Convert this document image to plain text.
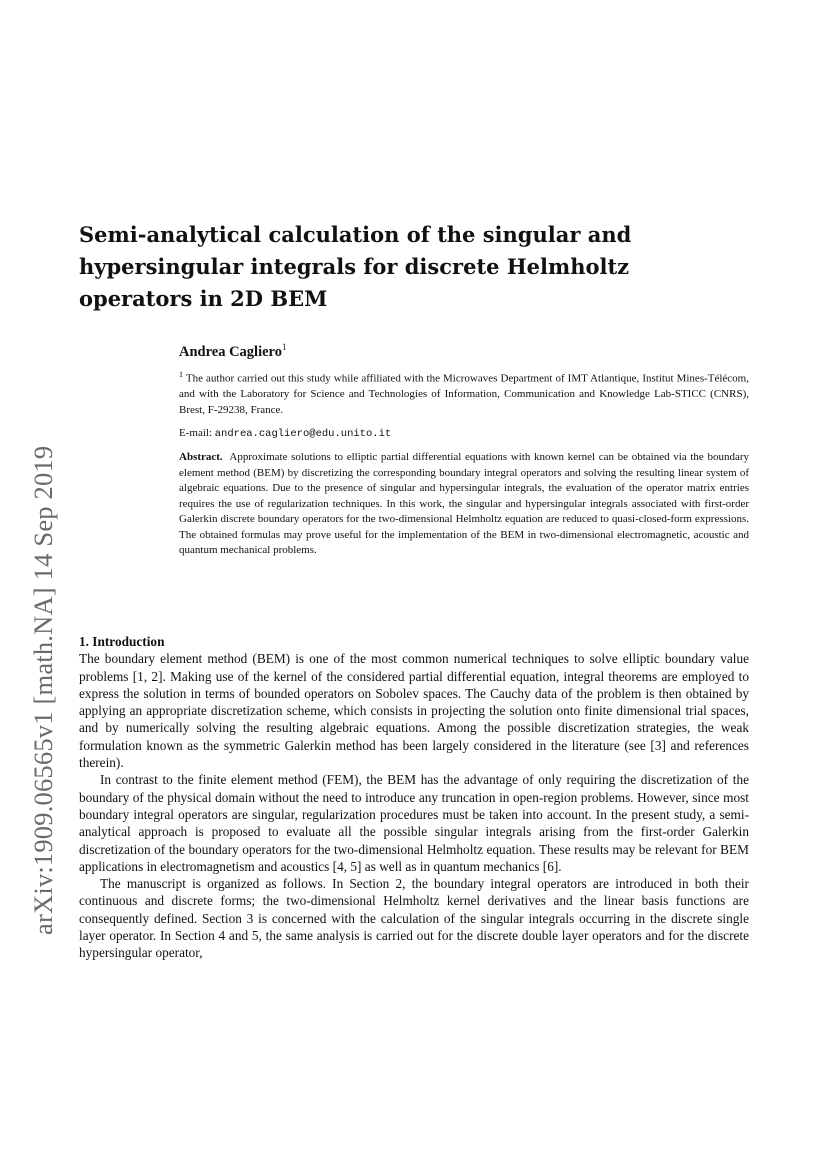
arXiv:1909.06565v1 [math.NA] 14 Sep 2019
Semi-analytical calculation of the singular and hypersingular integrals for discrete Helmholtz operators in 2D BEM
Andrea Cagliero$^1$
$^1$ The author carried out this study while affiliated with the Microwaves Department of IMT Atlantique, Institut Mines-Télécom, and with the Laboratory for Science and Technologies of Information, Communication and Knowledge Lab-STICC (CNRS), Brest, F-29238, France.
E-mail: andrea.cagliero@edu.unito.it
Abstract. Approximate solutions to elliptic partial differential equations with known kernel can be obtained via the boundary element method (BEM) by discretizing the corresponding boundary integral operators and solving the resulting linear system of algebraic equations. Due to the presence of singular and hypersingular integrals, the evaluation of the operator matrix entries requires the use of regularization techniques. In this work, the singular and hypersingular integrals associated with first-order Galerkin discrete boundary operators for the two-dimensional Helmholtz equation are reduced to quasi-closed-form expressions. The obtained formulas may prove useful for the implementation of the BEM in two-dimensional electromagnetic, acoustic and quantum mechanical problems.
1. Introduction

The boundary element method (BEM) is one of the most common numerical techniques to solve elliptic boundary value problems [1, 2]. Making use of the kernel of the considered partial differential equation, integral theorems are employed to express the solution in terms of bounded operators on Sobolev spaces. The Cauchy data of the problem is then obtained by applying an appropriate discretization scheme, which consists in projecting the solution onto finite dimensional trial spaces, and by numerically solving the resulting algebraic equations. Among the possible discretization strategies, the weak formulation known as the symmetric Galerkin method has been largely considered in the literature (see [3] and references therein).

In contrast to the finite element method (FEM), the BEM has the advantage of only requiring the discretization of the boundary of the physical domain without the need to introduce any truncation in open-region problems. However, since most boundary integral operators are singular, regularization procedures must be taken into account. In the present study, a semi-analytical approach is proposed to evaluate all the possible singular integrals arising from the first-order Galerkin discretization of the boundary operators for the two-dimensional Helmholtz equation. These results may be relevant for BEM applications in electromagnetism and acoustics [4, 5] as well as in quantum mechanics [6].

The manuscript is organized as follows. In Section 2, the boundary integral operators are introduced in both their continuous and discrete forms; the two-dimensional Helmholtz kernel derivatives and the linear basis functions are consequently defined. Section 3 is concerned with the calculation of the singular integrals occurring in the discrete single layer operator. In Section 4 and 5, the same analysis is carried out for the discrete double layer operators and for the discrete hypersingular operator,
